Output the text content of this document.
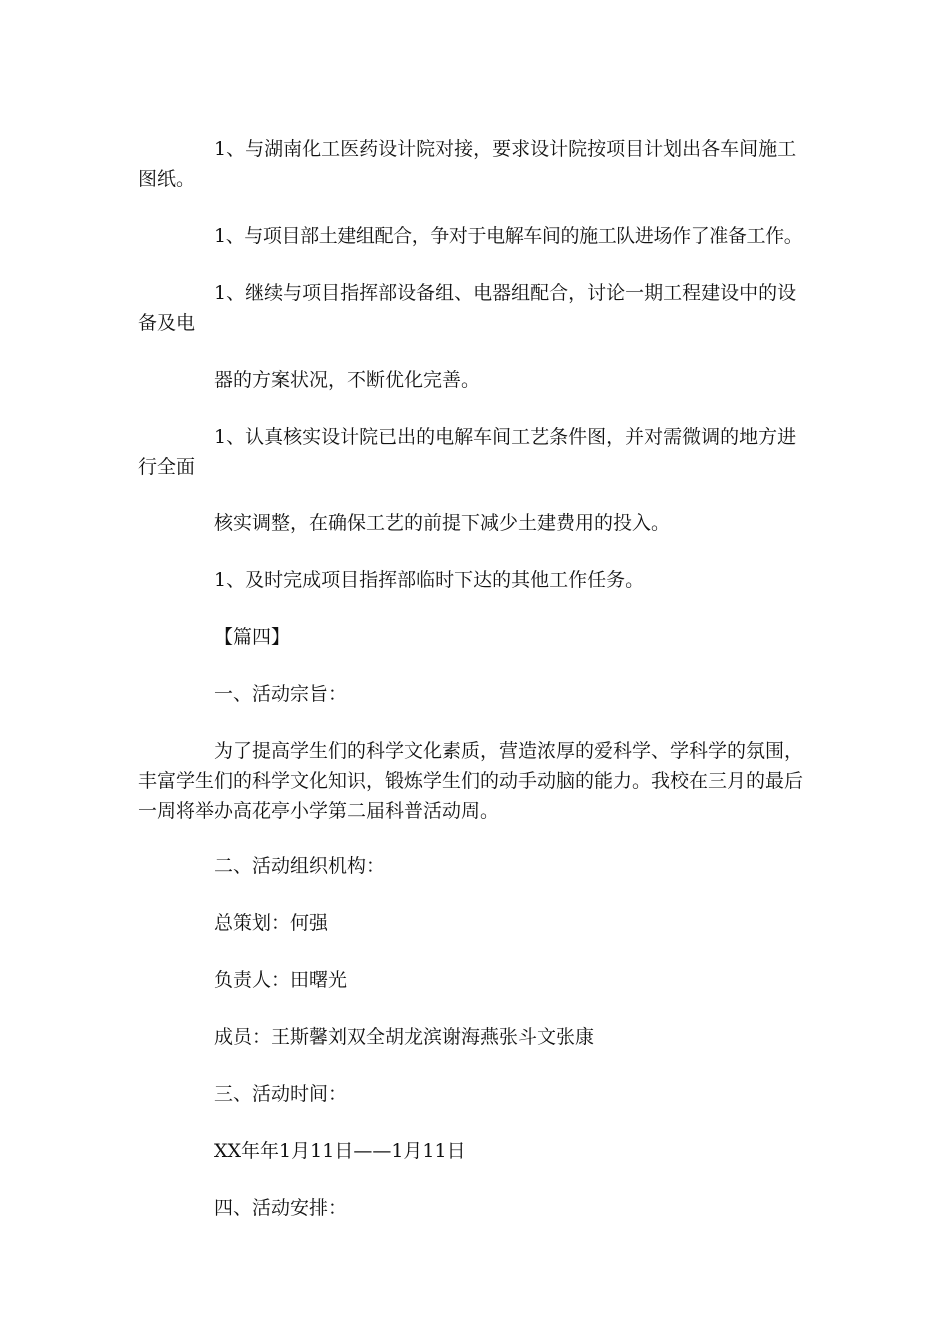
1、与湖南化工医药设计院对接，要求设计院按项目计划出各车间施工图纸。

1、与项目部土建组配合，争对于电解车间的施工队进场作了准备工作。

1、继续与项目指挥部设备组、电器组配合，讨论一期工程建设中的设备及电

器的方案状况，不断优化完善。

1、认真核实设计院已出的电解车间工艺条件图，并对需微调的地方进行全面

核实调整，在确保工艺的前提下减少土建费用的投入。

1、及时完成项目指挥部临时下达的其他工作任务。

【篇四】

一、活动宗旨：

为了提高学生们的科学文化素质，营造浓厚的爱科学、学科学的氛围，丰富学生们的科学文化知识，锻炼学生们的动手动脑的能力。我校在三月的最后一周将举办高花亭小学第二届科普活动周。

二、活动组织机构：

总策划：何强

负责人：田曙光

成员：王斯馨刘双全胡龙滨谢海燕张斗文张康

三、活动时间：

XX年年1月11日——1月11日

四、活动安排：
